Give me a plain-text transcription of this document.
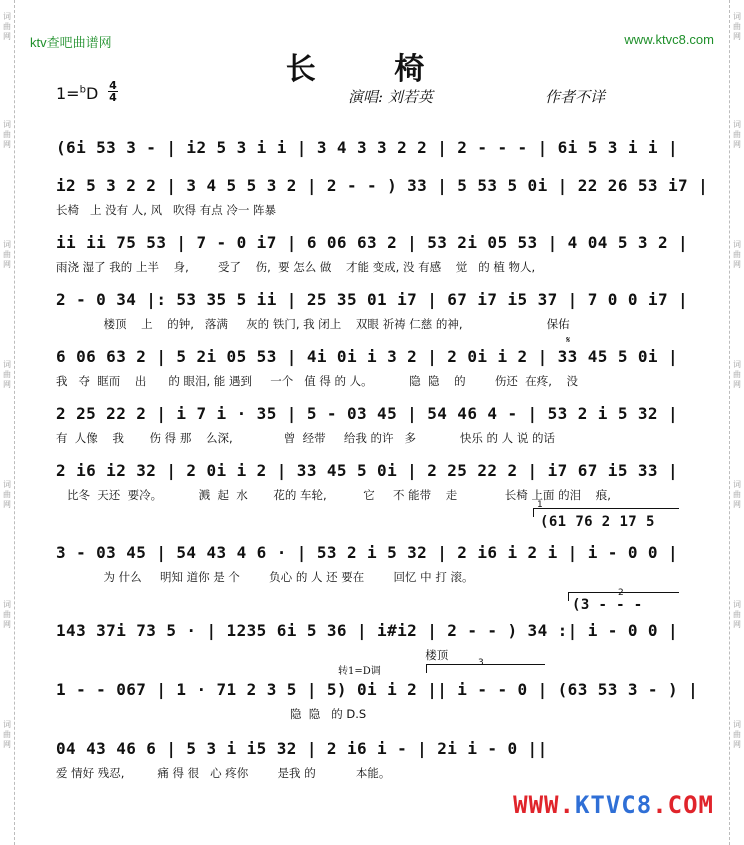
词曲网
词曲网
词曲网
词曲网
词曲网
词曲网
词曲网
词曲网
词曲网
词曲网
词曲网
词曲网
词曲网
词曲网
ktv查吧曲谱网	www.ktvc8.com
长 椅
1=$^b$D 4
4	演唱: 刘若英	作者不详
(6i 53 3 - | i2 5 3 i i | 3 4 3 3 2 2 | 2 - - - | 6i 5 3 i i |
i2 5 3 2 2 | 3 4 5 5 3 2 | 2 - - ) 33 | 5 53 5 0i | 22 26 53 i7 |
长椅   上 没有 人, 风   吹得 有点 冷一 阵暴
ii ii 75 53 | 7 - 0 i7 | 6 06 63 2 | 53 2i 05 53 | 4 04 5 3 2 |
雨浇 湿了 我的 上半    身,        受了    伤,  要 怎么 做    才能 变成, 没 有感    觉   的 植 物人,
2 - 0 34 |: 53 35 5 ii | 25 35 01 i7 | 67 i7 i5 37 | 7 0 0 i7 |
楼顶    上    的钟,   落满     灰的 铁门, 我 闭上    双眼 祈祷 仁慈 的神,                       保佑
6 06 63 2 | 5 2i 05 53 | 4i 0i i 3 2 | 2 0i i 2 | 33 45 5 0i |
我   夺  眶而    出      的 眼泪, 能 遇到     一个   值 得 的 人。          隐  隐    的        伤还  在疼,    没
𝄋
2 25 22 2 | i 7 i · 35 | 5 - 03 45 | 54 46 4 - | 53 2 i 5 32 |
有  人像    我       伤 得 那    么深,              曾  经带     给我 的许   多            快乐 的 人 说 的话
2 i6 i2 32 | 2 0i i 2 | 33 45 5 0i | 2 25 22 2 | i7 67 i5 33 |
比冬  天还  要冷。          溅  起  水       花的 车轮,          它     不 能带    走             长椅 上面 的泪    痕,
1
(61 76 2 17 5
3 - 03 45 | 54 43 4 6 · | 53 2 i 5 32 | 2 i6 i 2 i | i - 0 0 |
为 什么     明知 道你 是 个        负心 的 人 还 要在        回忆 中 打 滚。
2
(3 - - -
143 37i 73 5 · | 1235 6i 5 36 | i#i2 | 2 - - ) 34 :| i - 0 0 |
楼顶
转1=D调
3
1 - - 067 | 1 · 71 2 3 5 | 5) 0i i 2 || i - - 0 | (63 53 3 - ) |
隐  隐   的 D.S
04 43 46 6 | 5 3 i i5 32 | 2 i6 i - | 2i i - 0 ||
爱 情好 残忍,         痛 得 很   心 疼你        是我 的           本能。
WWW.KTVC8.COM
